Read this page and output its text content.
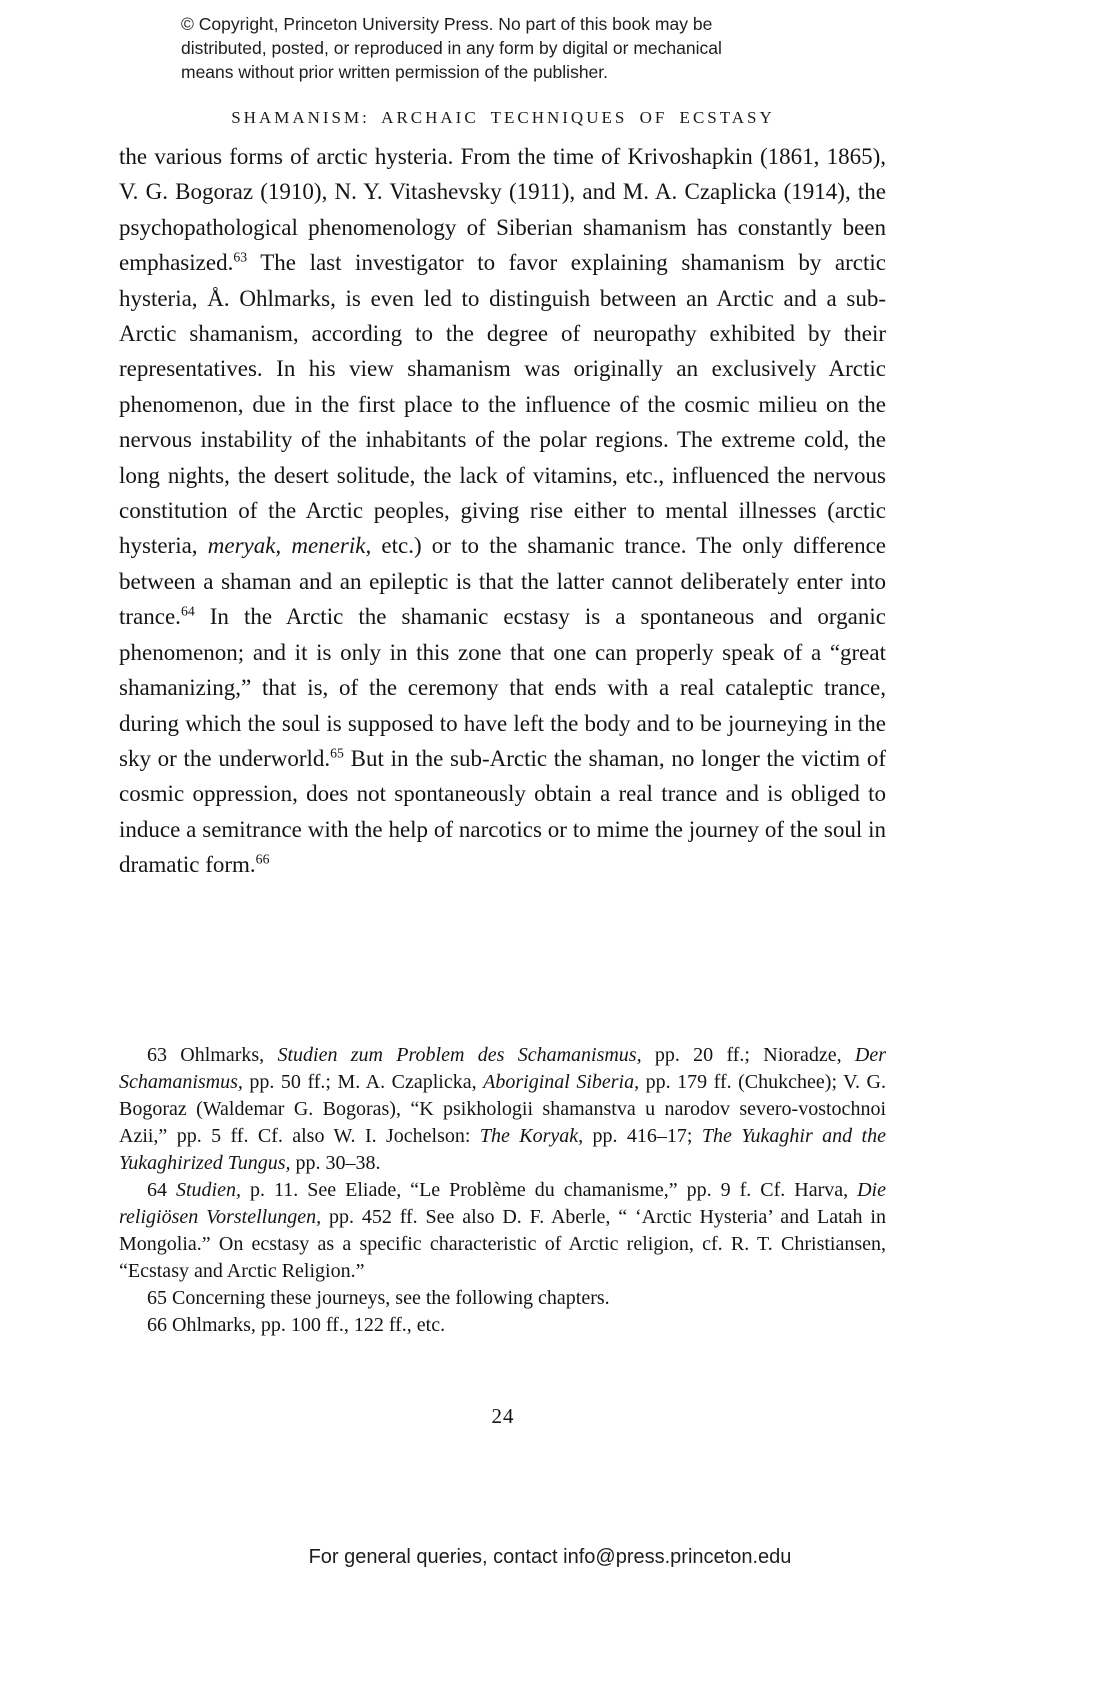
© Copyright, Princeton University Press. No part of this book may be
distributed, posted, or reproduced in any form by digital or mechanical
means without prior written permission of the publisher.
SHAMANISM: ARCHAIC TECHNIQUES OF ECSTASY
the various forms of arctic hysteria. From the time of Krivoshapkin (1861, 1865), V. G. Bogoraz (1910), N. Y. Vitashevsky (1911), and M. A. Czaplicka (1914), the psychopathological phenomenology of Siberian shamanism has constantly been emphasized.$^{63}$ The last investigator to favor explaining shamanism by arctic hysteria, Å. Ohlmarks, is even led to distinguish between an Arctic and a sub-Arctic shamanism, according to the degree of neuropathy exhibited by their representatives. In his view shamanism was originally an exclusively Arctic phenomenon, due in the first place to the influence of the cosmic milieu on the nervous instability of the inhabitants of the polar regions. The extreme cold, the long nights, the desert solitude, the lack of vitamins, etc., influenced the nervous constitution of the Arctic peoples, giving rise either to mental illnesses (arctic hysteria, meryak, menerik, etc.) or to the shamanic trance. The only difference between a shaman and an epileptic is that the latter cannot deliberately enter into trance.$^{64}$ In the Arctic the shamanic ecstasy is a spontaneous and organic phenomenon; and it is only in this zone that one can properly speak of a “great shamanizing,” that is, of the ceremony that ends with a real cataleptic trance, during which the soul is supposed to have left the body and to be journeying in the sky or the underworld.$^{65}$ But in the sub-Arctic the shaman, no longer the victim of cosmic oppression, does not spontaneously obtain a real trance and is obliged to induce a semitrance with the help of narcotics or to mime the journey of the soul in dramatic form.$^{66}$

63 Ohlmarks, Studien zum Problem des Schamanismus, pp. 20 ff.; Nioradze, Der Schamanismus, pp. 50 ff.; M. A. Czaplicka, Aboriginal Siberia, pp. 179 ff. (Chukchee); V. G. Bogoraz (Waldemar G. Bogoras), “K psikhologii shamanstva u narodov severo-vostochnoi Azii,” pp. 5 ff. Cf. also W. I. Jochelson: The Koryak, pp. 416–17; The Yukaghir and the Yukaghirized Tungus, pp. 30–38.

64 Studien, p. 11. See Eliade, “Le Problème du chamanisme,” pp. 9 f. Cf. Harva, Die religiösen Vorstellungen, pp. 452 ff. See also D. F. Aberle, “ ‘Arctic Hysteria’ and Latah in Mongolia.” On ecstasy as a specific characteristic of Arctic religion, cf. R. T. Christiansen, “Ecstasy and Arctic Religion.”

65 Concerning these journeys, see the following chapters.

66 Ohlmarks, pp. 100 ff., 122 ff., etc.

24
For general queries, contact info@press.princeton.edu
